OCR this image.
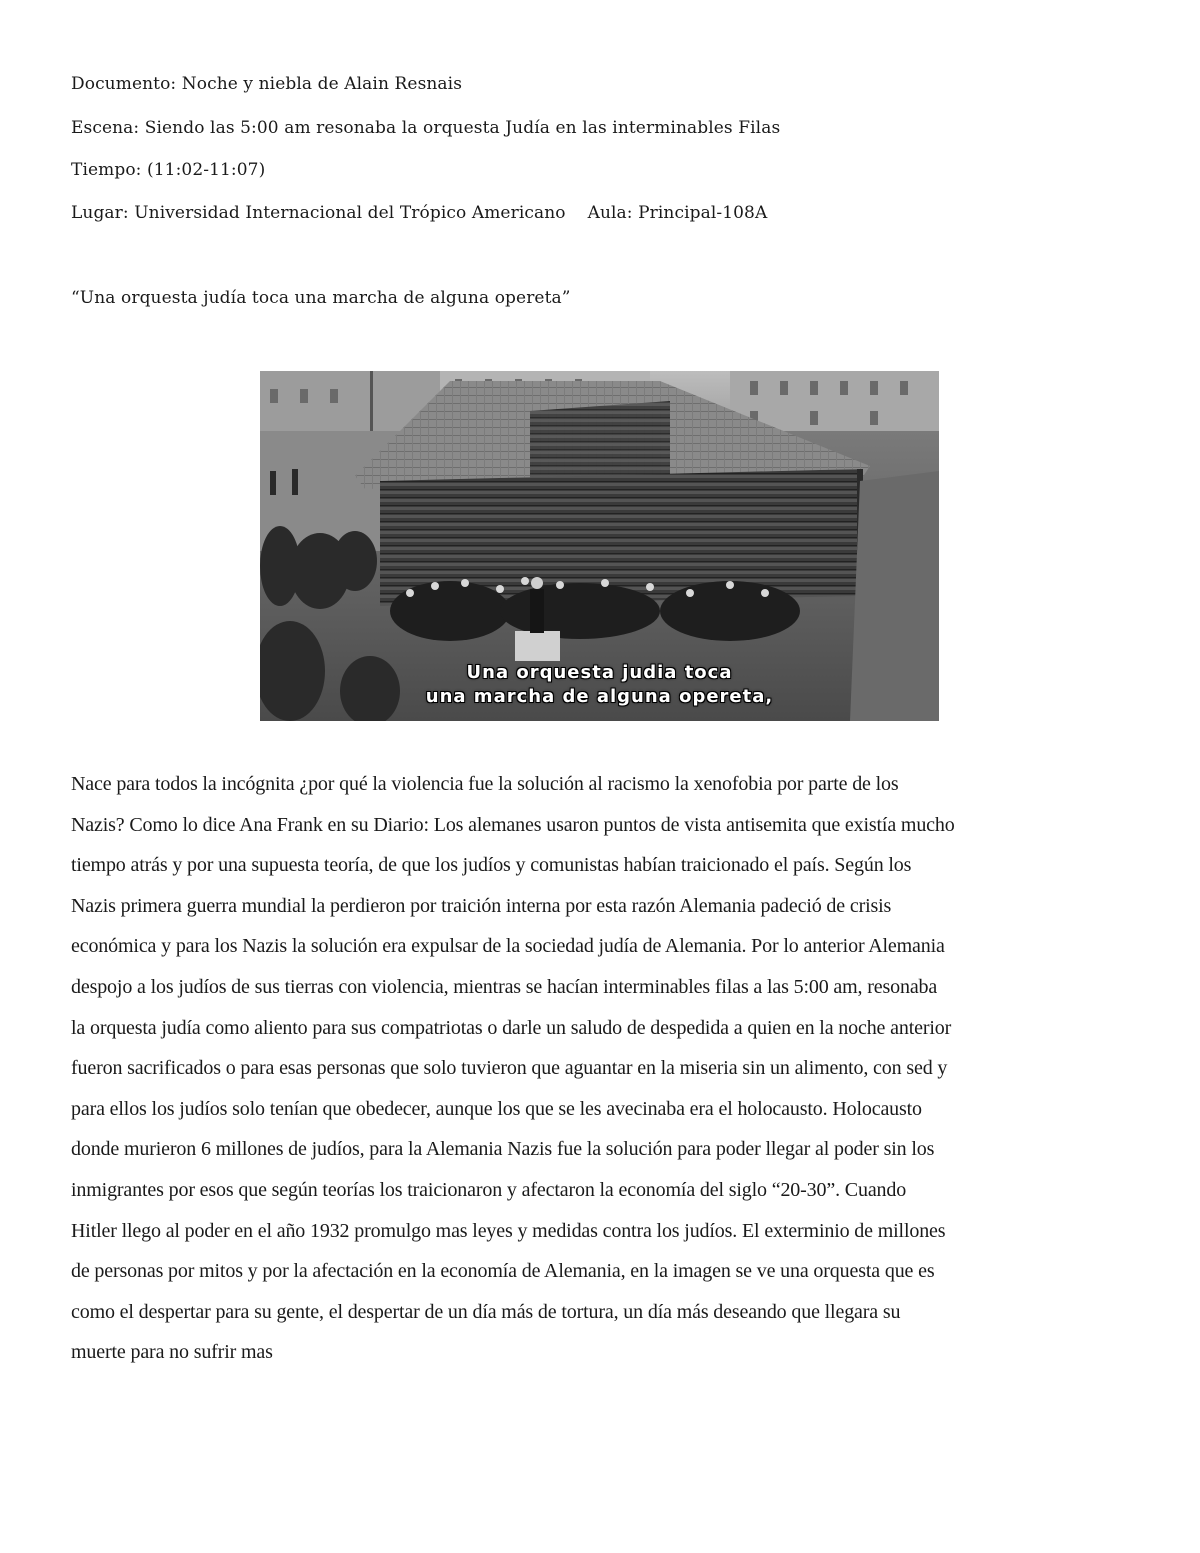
Documento: Noche y niebla de Alain Resnais
Escena: Siendo las 5:00 am resonaba la orquesta Judía en las interminables Filas
Tiempo: (11:02-11:07)
Lugar: Universidad Internacional del Trópico Americano Aula: Principal-108A
“Una orquesta judía toca una marcha de alguna opereta”
Una orquesta judia toca
una marcha de alguna opereta,
Nace para todos la incógnita ¿por qué la violencia fue la solución al racismo la xenofobia por parte de los
Nazis? Como lo dice Ana Frank en su Diario: Los alemanes usaron puntos de vista antisemita que existía mucho
tiempo atrás y por una supuesta teoría, de que los judíos y comunistas habían traicionado el país. Según los
Nazis primera guerra mundial la perdieron por traición interna por esta razón Alemania padeció de crisis
económica y para los Nazis la solución era expulsar de la sociedad judía de Alemania. Por lo anterior Alemania
despojo a los judíos de sus tierras con violencia, mientras se hacían interminables filas a las 5:00 am, resonaba
la orquesta judía como aliento para sus compatriotas o darle un saludo de despedida a quien en la noche anterior
fueron sacrificados o para esas personas que solo tuvieron que aguantar en la miseria sin un alimento, con sed y
para ellos los judíos solo tenían que obedecer, aunque los que se les avecinaba era el holocausto. Holocausto
donde murieron 6 millones de judíos, para la Alemania Nazis fue la solución para poder llegar al poder sin los
inmigrantes por esos que según teorías los traicionaron y afectaron la economía del siglo “20-30”. Cuando
Hitler llego al poder en el año 1932 promulgo mas leyes y medidas contra los judíos. El exterminio de millones
de personas por mitos y por la afectación en la economía de Alemania, en la imagen se ve una orquesta que es
como el despertar para su gente, el despertar de un día más de tortura, un día más deseando que llegara su
muerte para no sufrir mas
